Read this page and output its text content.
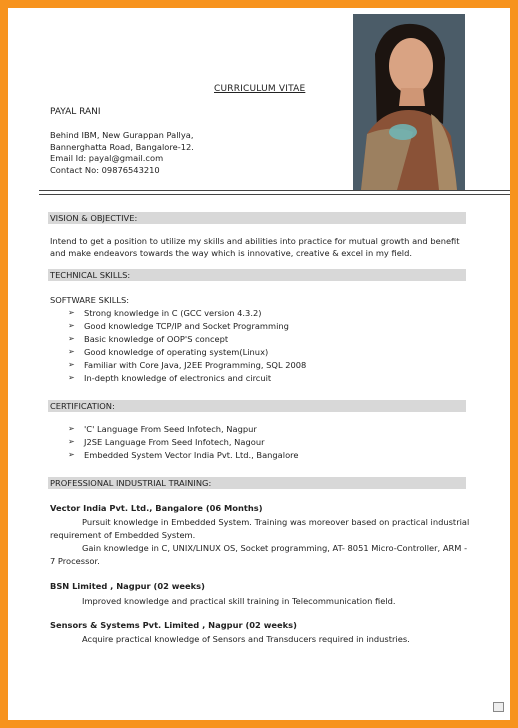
CURRICULUM VITAE
PAYAL RANI
Behind IBM, New Gurappan Pallya,
Bannerghatta Road, Bangalore-12.
Email Id: payal@gmail.com
Contact No: 09876543210
VISION & OBJECTIVE:
Intend to get a position to utilize my skills and abilities into practice for mutual growth and benefit and make endeavors towards the way which is innovative, creative & excel in my field.
TECHNICAL SKILLS:
SOFTWARE SKILLS:
➢ Strong knowledge in C (GCC version 4.3.2)
➢ Good knowledge TCP/IP and Socket Programming
➢ Basic knowledge of OOP'S concept
➢ Good knowledge of operating system(Linux)
➢ Familiar with Core Java, J2EE Programming, SQL 2008
➢ In-depth knowledge of electronics and circuit
CERTIFICATION:
➢ 'C' Language From Seed Infotech, Nagpur
➢ J2SE Language From Seed Infotech, Nagour
➢ Embedded System Vector India Pvt. Ltd., Bangalore
PROFESSIONAL INDUSTRIAL TRAINING:
Vector India Pvt. Ltd., Bangalore (06 Months)
Pursuit knowledge in Embedded System. Training was moreover based on practical industrial requirement of Embedded System.
Gain knowledge in C, UNIX/LINUX OS, Socket programming, AT- 8051 Micro-Controller, ARM - 7 Processor.
BSN Limited , Nagpur (02 weeks)
Improved knowledge and practical skill training in Telecommunication field.
Sensors & Systems Pvt. Limited , Nagpur (02 weeks)
Acquire practical knowledge of Sensors and Transducers required in industries.
